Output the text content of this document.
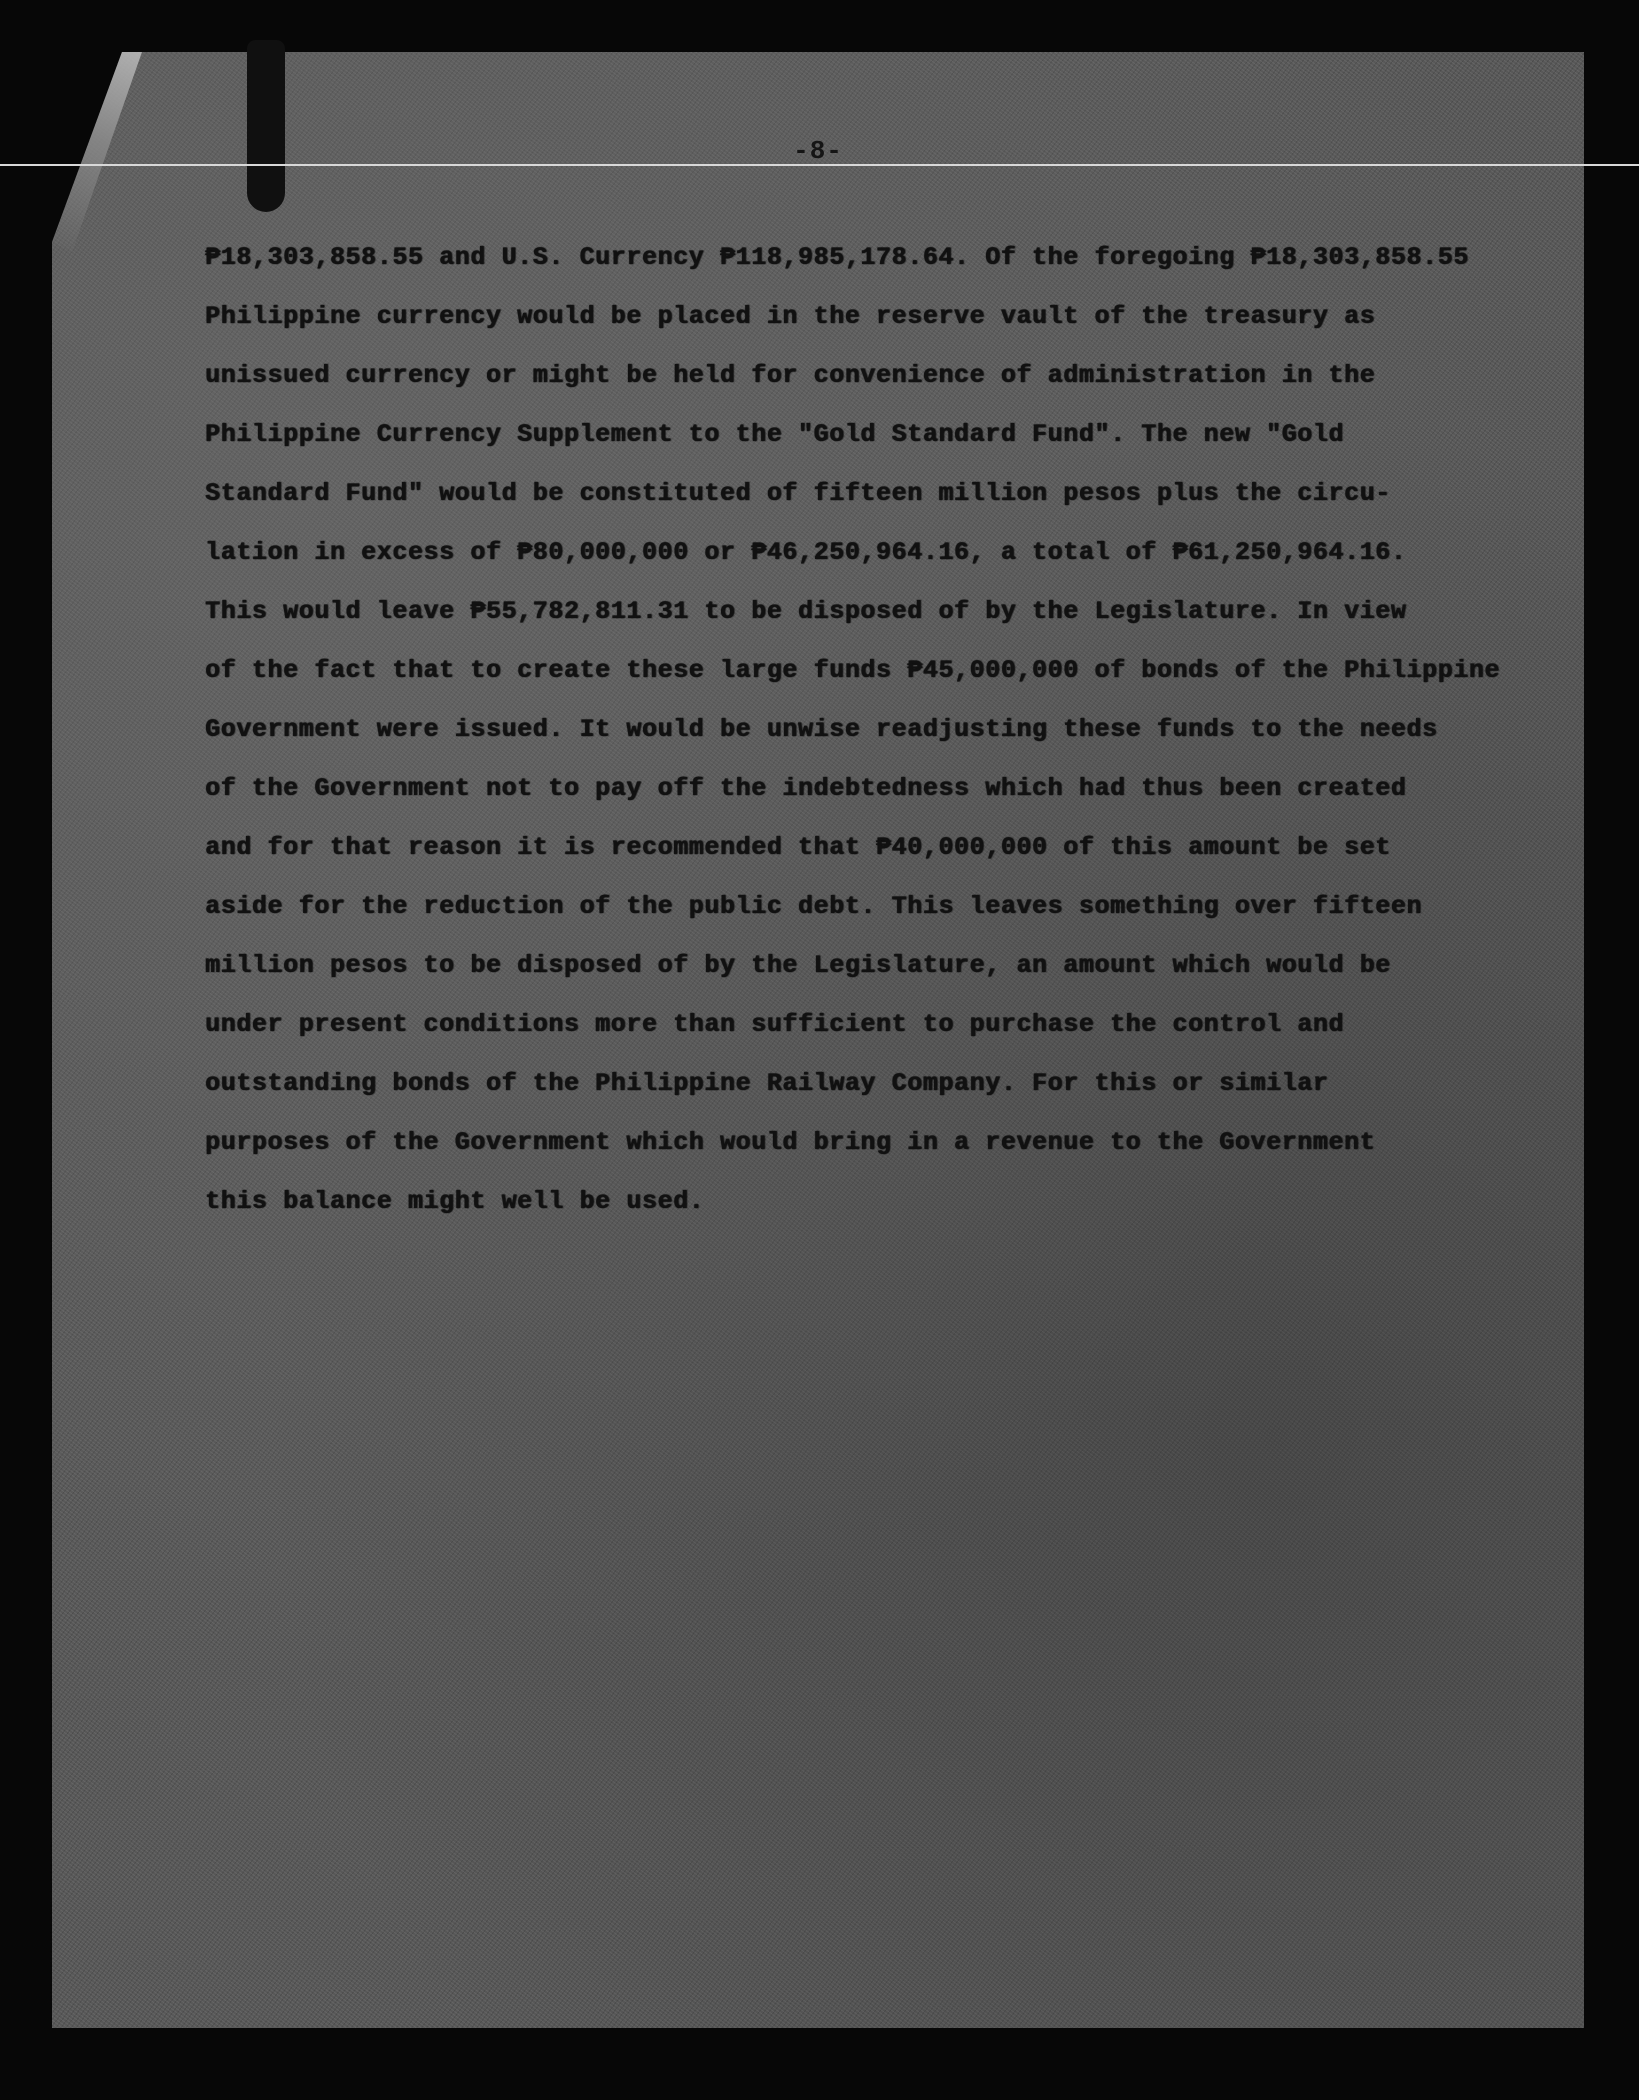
-8-
₱18,303,858.55 and U.S. Currency ₱118,985,178.64. Of the foregoing ₱18,303,858.55
Philippine currency would be placed in the reserve vault of the treasury as
unissued currency or might be held for convenience of administration in the
Philippine Currency Supplement to the "Gold Standard Fund". The new "Gold
Standard Fund" would be constituted of fifteen million pesos plus the circu-
lation in excess of ₱80,000,000 or ₱46,250,964.16, a total of ₱61,250,964.16.
This would leave ₱55,782,811.31 to be disposed of by the Legislature. In view
of the fact that to create these large funds ₱45,000,000 of bonds of the Philippine
Government were issued. It would be unwise readjusting these funds to the needs
of the Government not to pay off the indebtedness which had thus been created
and for that reason it is recommended that ₱40,000,000 of this amount be set
aside for the reduction of the public debt. This leaves something over fifteen
million pesos to be disposed of by the Legislature, an amount which would be
under present conditions more than sufficient to purchase the control and
outstanding bonds of the Philippine Railway Company. For this or similar
purposes of the Government which would bring in a revenue to the Government
this balance might well be used.
